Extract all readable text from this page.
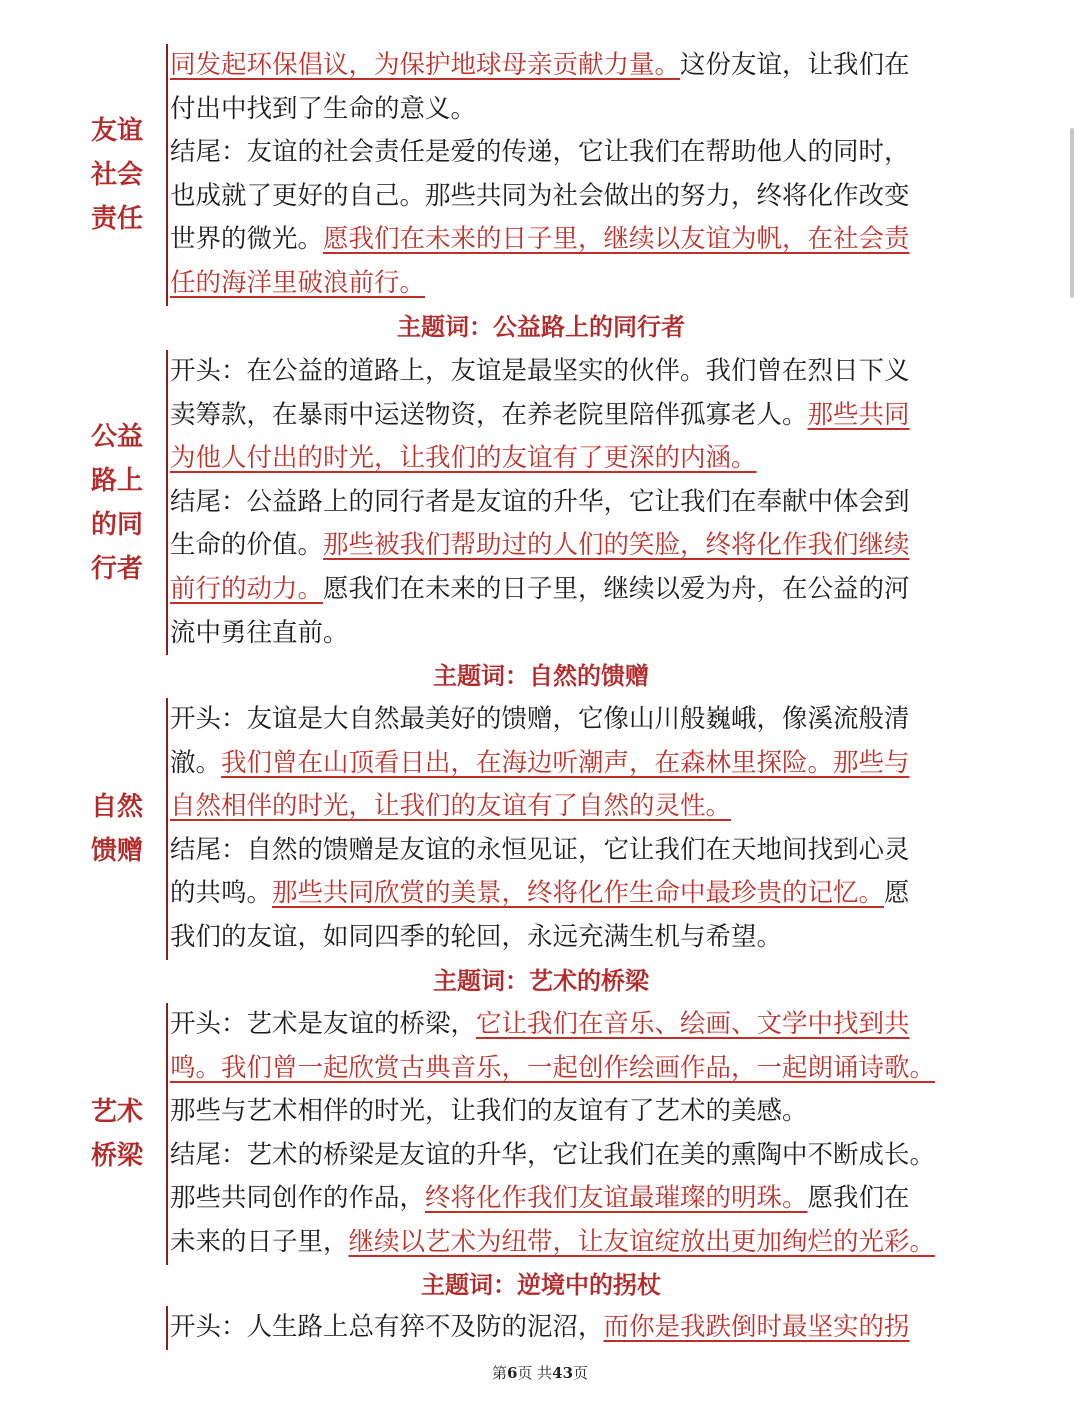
同发起环保倡议，为保护地球母亲贡献力量。这份友谊，让我们在
付出中找到了生命的意义。
结尾：友谊的社会责任是爱的传递，它让我们在帮助他人的同时，
也成就了更好的自己。那些共同为社会做出的努力，终将化作改变
世界的微光。愿我们在未来的日子里，继续以友谊为帆，在社会责
任的海洋里破浪前行。
友谊
社会
责任
主题词：公益路上的同行者
开头：在公益的道路上，友谊是最坚实的伙伴。我们曾在烈日下义
卖筹款，在暴雨中运送物资，在养老院里陪伴孤寡老人。那些共同
为他人付出的时光，让我们的友谊有了更深的内涵。
结尾：公益路上的同行者是友谊的升华，它让我们在奉献中体会到
生命的价值。那些被我们帮助过的人们的笑脸，终将化作我们继续
前行的动力。愿我们在未来的日子里，继续以爱为舟，在公益的河
流中勇往直前。
公益
路上
的同
行者
主题词：自然的馈赠
开头：友谊是大自然最美好的馈赠，它像山川般巍峨，像溪流般清
澈。我们曾在山顶看日出，在海边听潮声，在森林里探险。那些与
自然相伴的时光，让我们的友谊有了自然的灵性。
结尾：自然的馈赠是友谊的永恒见证，它让我们在天地间找到心灵
的共鸣。那些共同欣赏的美景，终将化作生命中最珍贵的记忆。愿
我们的友谊，如同四季的轮回，永远充满生机与希望。
自然
馈赠
主题词：艺术的桥梁
开头：艺术是友谊的桥梁，它让我们在音乐、绘画、文学中找到共
鸣。我们曾一起欣赏古典音乐，一起创作绘画作品，一起朗诵诗歌。
那些与艺术相伴的时光，让我们的友谊有了艺术的美感。
结尾：艺术的桥梁是友谊的升华，它让我们在美的熏陶中不断成长。
那些共同创作的作品，终将化作我们友谊最璀璨的明珠。愿我们在
未来的日子里，继续以艺术为纽带，让友谊绽放出更加绚烂的光彩。
艺术
桥梁
主题词：逆境中的拐杖
开头：人生路上总有猝不及防的泥沼，而你是我跌倒时最坚实的拐
第6页 共43页
